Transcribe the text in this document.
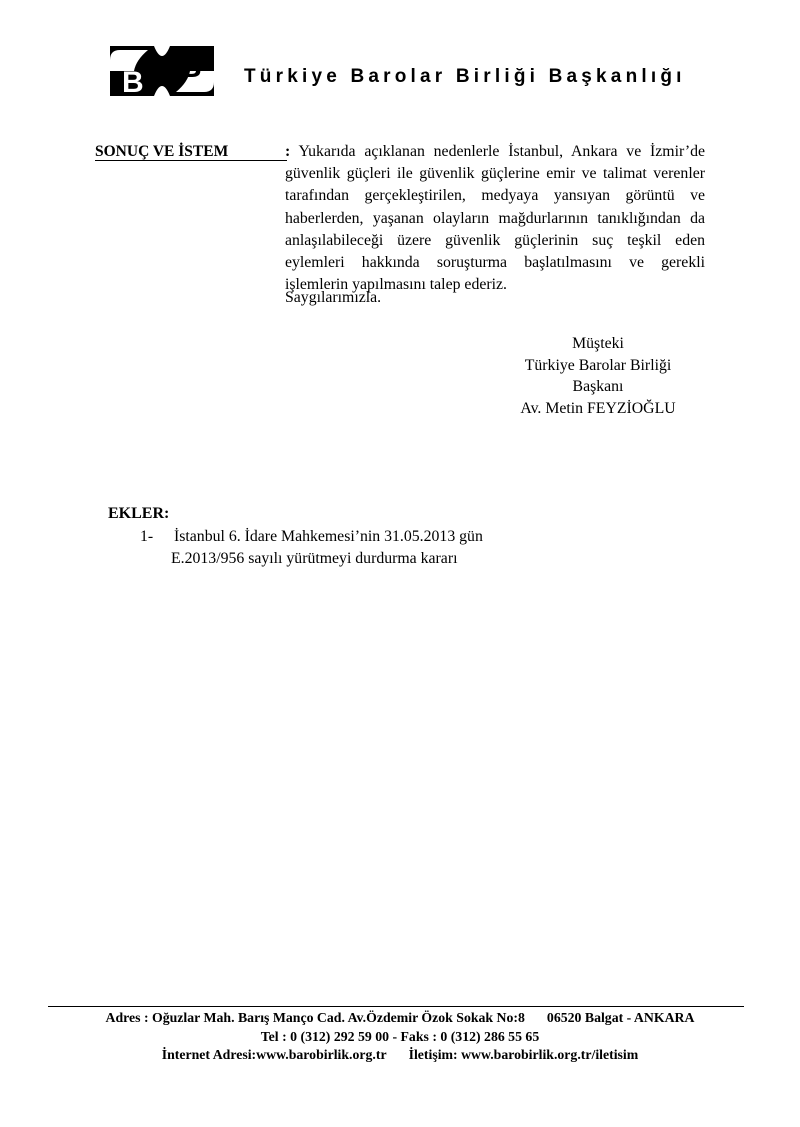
B B Türkiye Barolar Birliği Başkanlığı
SONUÇ VE İSTEM	: Yukarıda açıklanan nedenlerle İstanbul, Ankara ve İzmir’de güvenlik güçleri ile güvenlik güçlerine emir ve talimat verenler tarafından gerçekleştirilen, medyaya yansıyan görüntü ve haberlerden, yaşanan olayların mağdurlarının tanıklığından da anlaşılabileceği üzere güvenlik güçlerinin suç teşkil eden eylemleri hakkında soruşturma başlatılmasını ve gerekli işlemlerin yapılmasını talep ederiz.
Saygılarımızla.
Müşteki
Türkiye Barolar Birliği
Başkanı
Av. Metin FEYZİOĞLU
EKLER:
1- İstanbul 6. İdare Mahkemesi’nin 31.05.2013 gün
E.2013/956 sayılı yürütmeyi durdurma kararı
Adres : Oğuzlar Mah. Barış Manço Cad. Av.Özdemir Özok Sokak No:8 06520 Balgat - ANKARA
Tel : 0 (312) 292 59 00 - Faks : 0 (312) 286 55 65
İnternet Adresi:www.barobirlik.org.tr İletişim: www.barobirlik.org.tr/iletisim
